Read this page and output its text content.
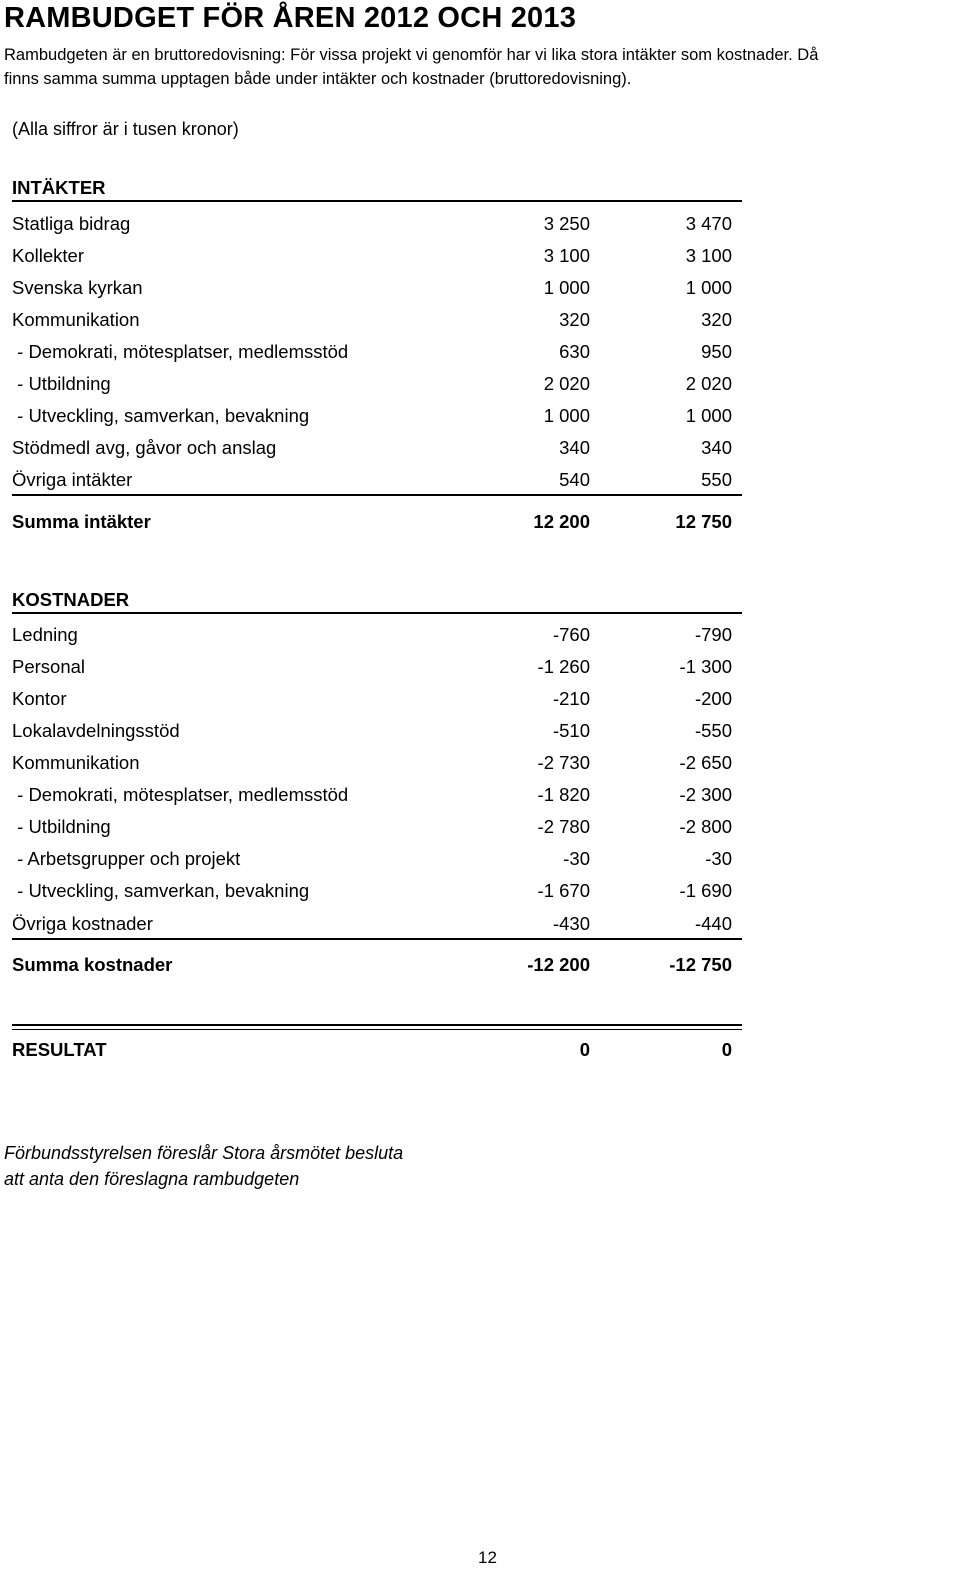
RAMBUDGET FÖR ÅREN 2012 OCH 2013
Rambudgeten är en bruttoredovisning: För vissa projekt vi genomför har vi lika stora intäkter som kostnader. Då
finns samma summa upptagen både under intäkter och kostnader (bruttoredovisning).
(Alla siffror är i tusen kronor)
INTÄKTER
Statliga bidrag	3 250	3 470
Kollekter	3 100	3 100
Svenska kyrkan	1 000	1 000
Kommunikation	320	320
- Demokrati, mötesplatser, medlemsstöd	630	950
- Utbildning	2 020	2 020
- Utveckling, samverkan, bevakning	1 000	1 000
Stödmedl avg, gåvor och anslag	340	340
Övriga intäkter	540	550
Summa intäkter	12 200	12 750
KOSTNADER
Ledning	-760	-790
Personal	-1 260	-1 300
Kontor	-210	-200
Lokalavdelningsstöd	-510	-550
Kommunikation	-2 730	-2 650
- Demokrati, mötesplatser, medlemsstöd	-1 820	-2 300
- Utbildning	-2 780	-2 800
- Arbetsgrupper och projekt	-30	-30
- Utveckling, samverkan, bevakning	-1 670	-1 690
Övriga kostnader	-430	-440
Summa kostnader	-12 200	-12 750
RESULTAT	0	0
Förbundsstyrelsen föreslår Stora årsmötet besluta
att anta den föreslagna rambudgeten
12
